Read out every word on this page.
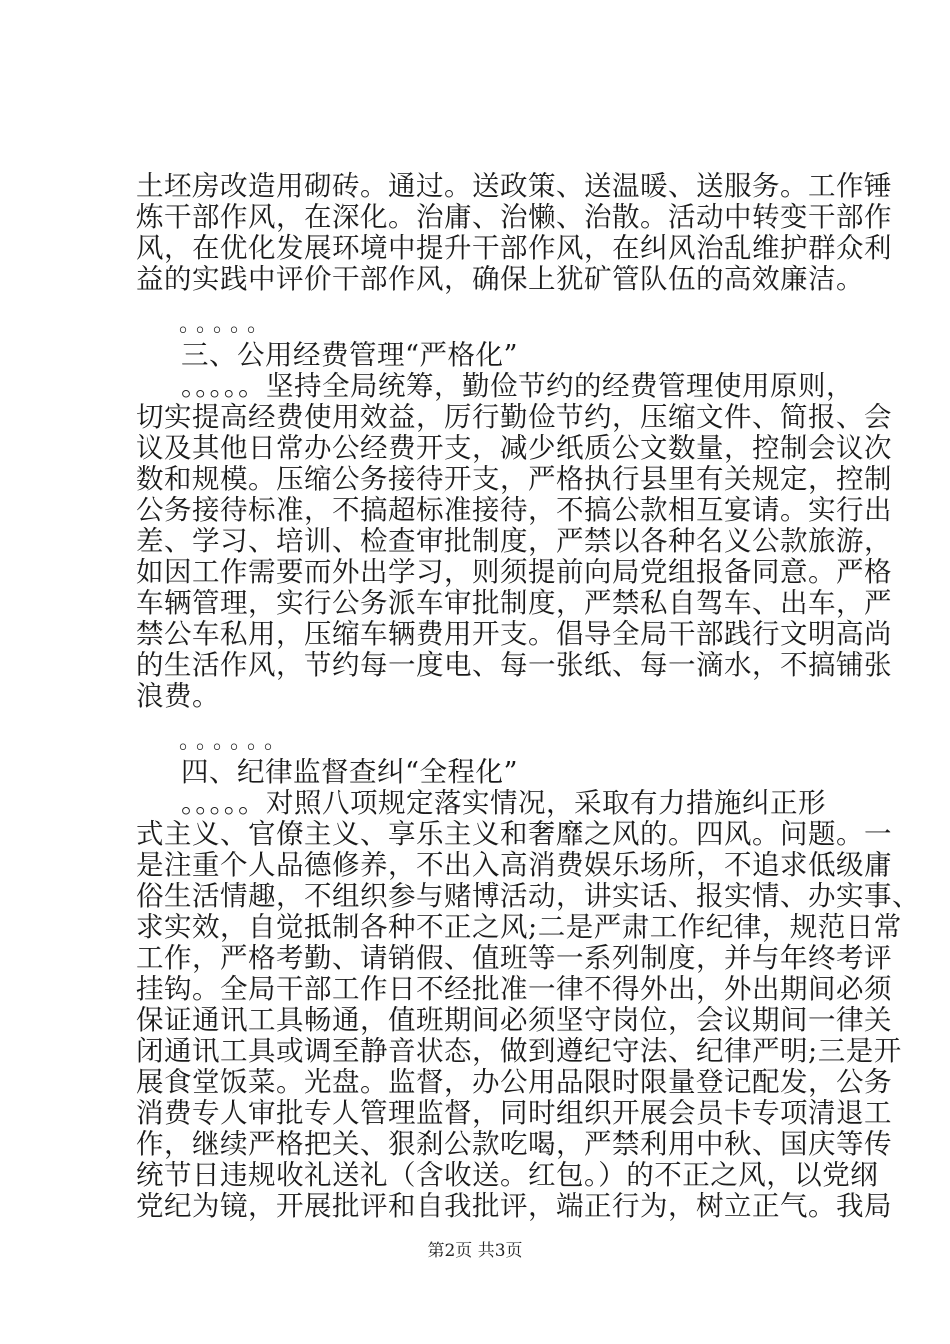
土坯房改造用砌砖。通过。送政策、送温暖、送服务。工作锤
炼干部作风，在深化。治庸、治懒、治散。活动中转变干部作
风，在优化发展环境中提升干部作风，在纠风治乱维护群众利
益的实践中评价干部作风，确保上犹矿管队伍的高效廉洁。
。。。。。
三、公用经费管理“严格化”
。。。。。坚持全局统筹，勤俭节约的经费管理使用原则，
切实提高经费使用效益，厉行勤俭节约，压缩文件、简报、会
议及其他日常办公经费开支，减少纸质公文数量，控制会议次
数和规模。压缩公务接待开支，严格执行县里有关规定，控制
公务接待标准，不搞超标准接待，不搞公款相互宴请。实行出
差、学习、培训、检查审批制度，严禁以各种名义公款旅游，
如因工作需要而外出学习，则须提前向局党组报备同意。严格
车辆管理，实行公务派车审批制度，严禁私自驾车、出车，严
禁公车私用，压缩车辆费用开支。倡导全局干部践行文明高尚
的生活作风，节约每一度电、每一张纸、每一滴水，不搞铺张
浪费。
。。。。。。
四、纪律监督查纠“全程化”
。。。。。对照八项规定落实情况，采取有力措施纠正形
式主义、官僚主义、享乐主义和奢靡之风的。四风。问题。一
是注重个人品德修养，不出入高消费娱乐场所，不追求低级庸
俗生活情趣，不组织参与赌博活动，讲实话、报实情、办实事、
求实效，自觉抵制各种不正之风;二是严肃工作纪律，规范日常
工作，严格考勤、请销假、值班等一系列制度，并与年终考评
挂钩。全局干部工作日不经批准一律不得外出，外出期间必须
保证通讯工具畅通，值班期间必须坚守岗位，会议期间一律关
闭通讯工具或调至静音状态，做到遵纪守法、纪律严明;三是开
展食堂饭菜。光盘。监督，办公用品限时限量登记配发，公务
消费专人审批专人管理监督，同时组织开展会员卡专项清退工
作，继续严格把关、狠刹公款吃喝，严禁利用中秋、国庆等传
统节日违规收礼送礼（含收送。红包。）的不正之风，以党纲
党纪为镜，开展批评和自我批评，端正行为，树立正气。我局
第2页 共3页
